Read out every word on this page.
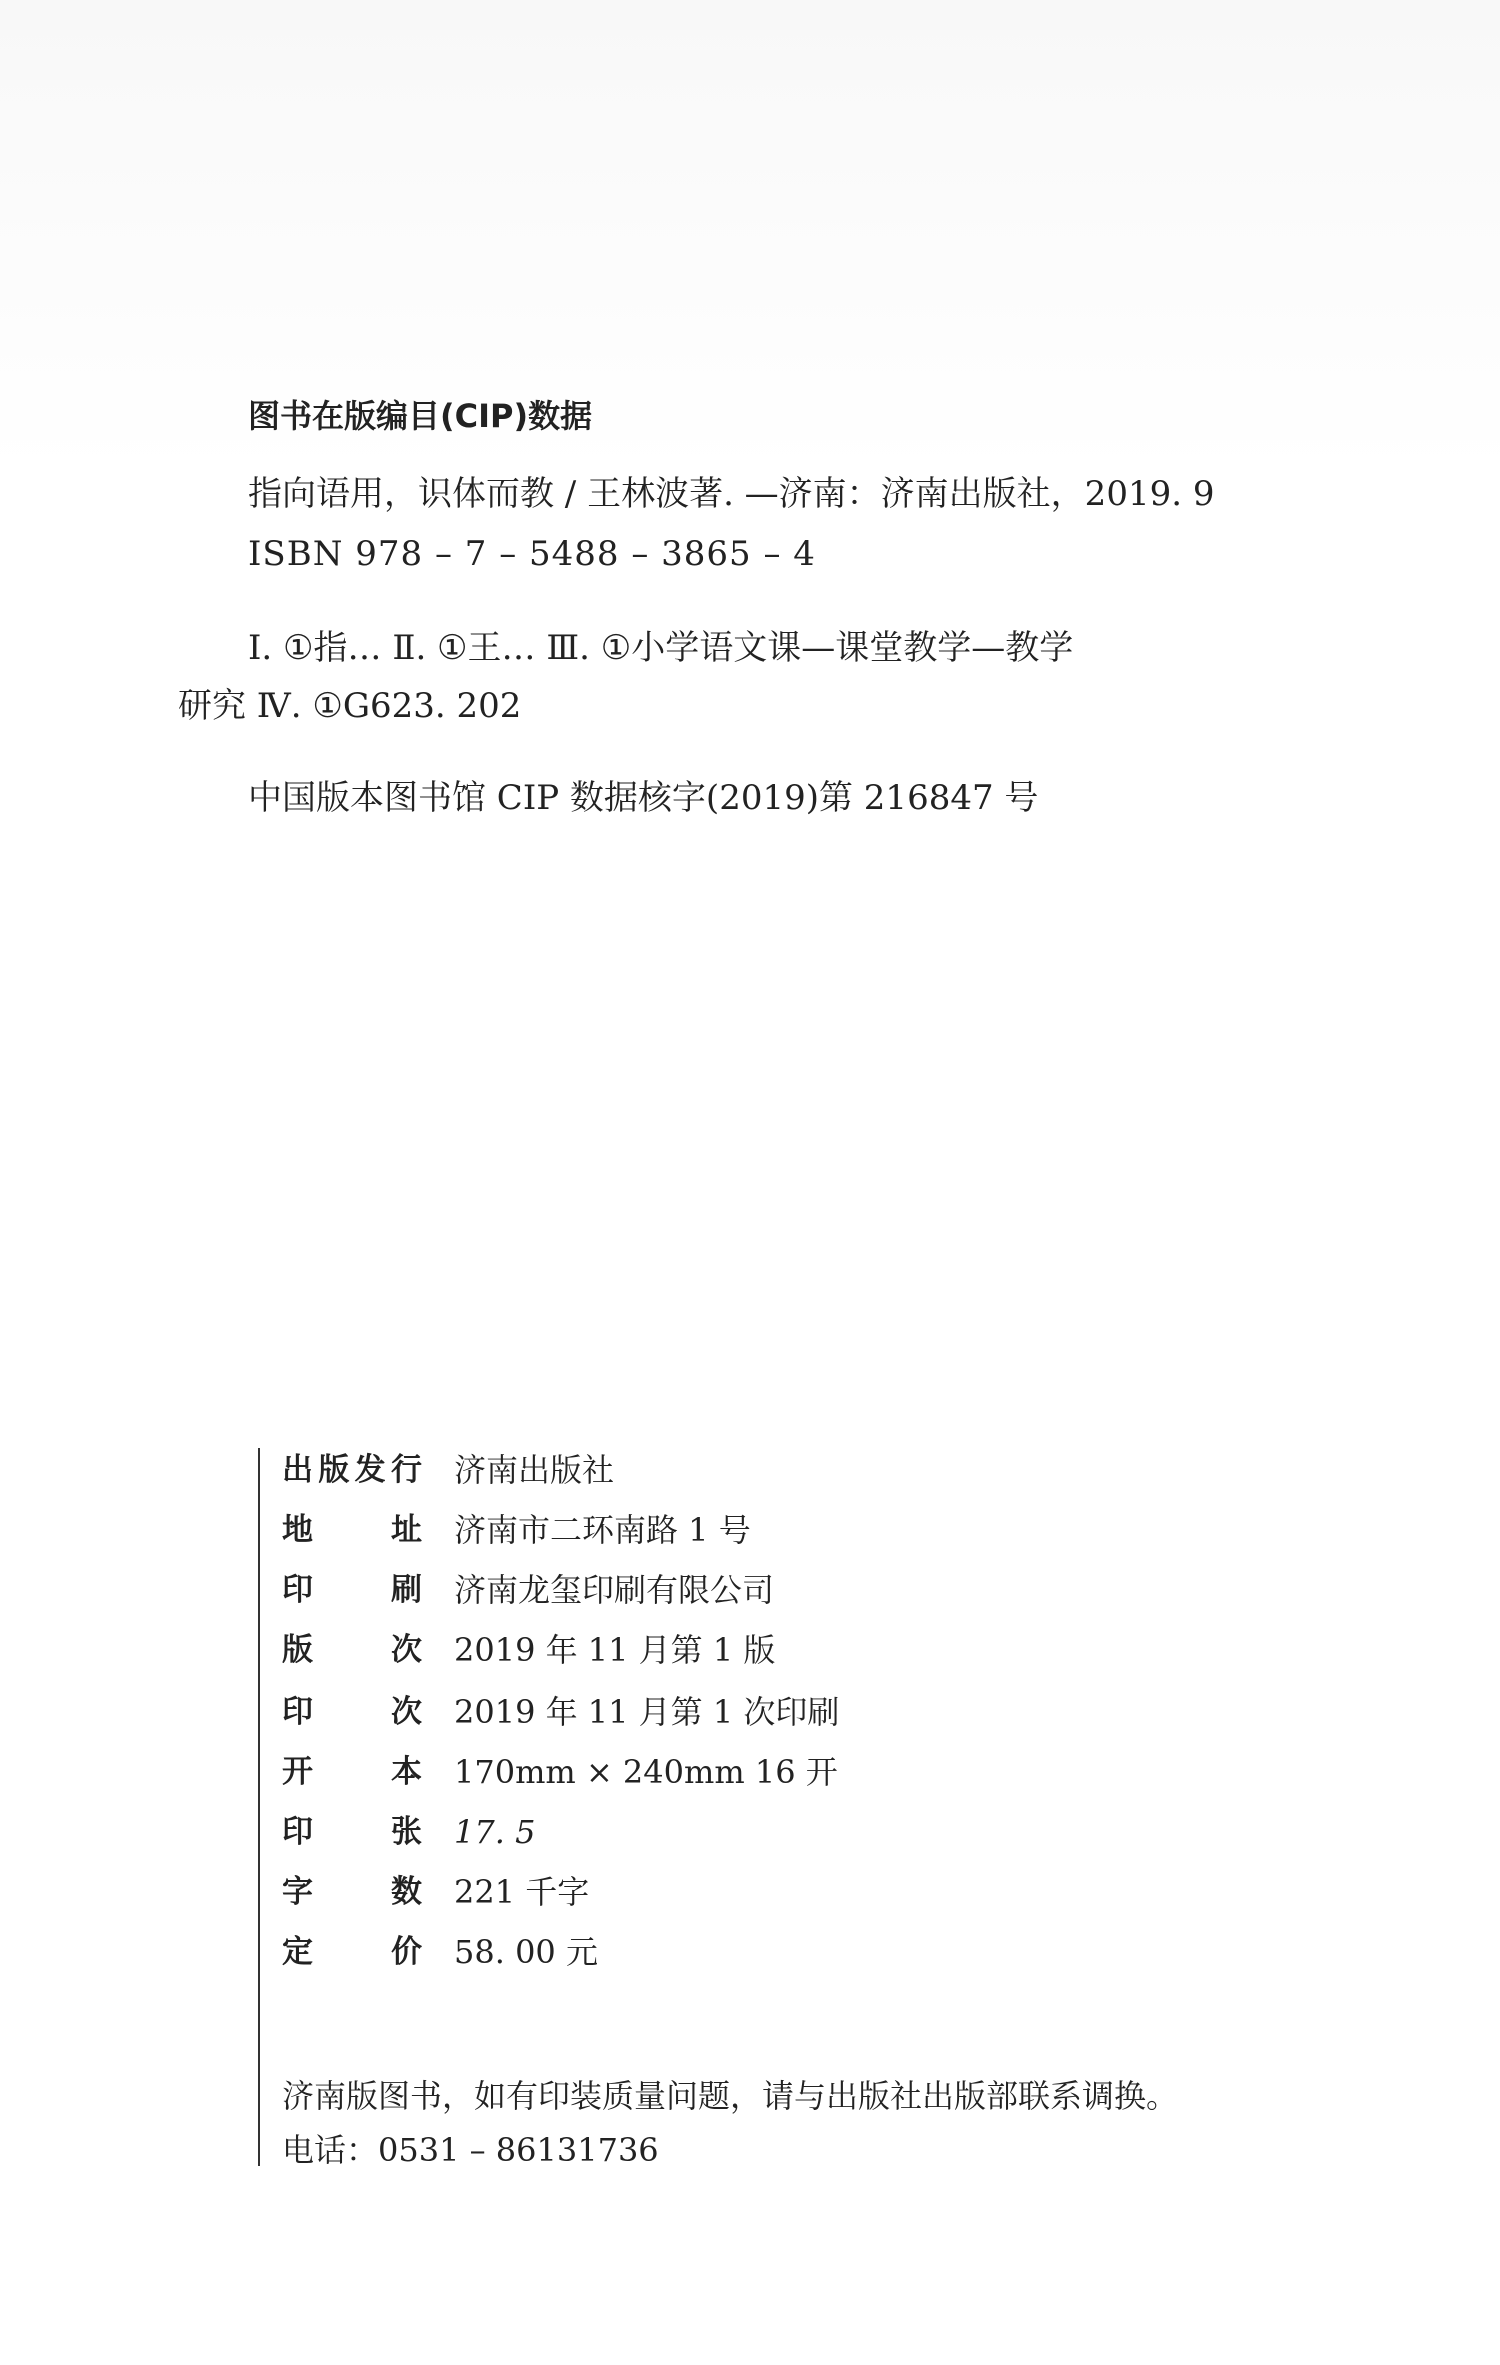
图书在版编目(CIP)数据
指向语用，识体而教 / 王林波著. —济南：济南出版社，2019. 9
ISBN 978 – 7 – 5488 – 3865 – 4
Ⅰ. ①指… Ⅱ. ①王… Ⅲ. ①小学语文课—课堂教学—教学
研究 Ⅳ. ①G623. 202
中国版本图书馆 CIP 数据核字(2019)第 216847 号
出版发行 济南出版社
地址 济南市二环南路 1 号
印刷 济南龙玺印刷有限公司
版次 2019 年 11 月第 1 版
印次 2019 年 11 月第 1 次印刷
开本 170mm × 240mm 16 开
印张 17. 5
字数 221 千字
定价 58. 00 元
济南版图书，如有印装质量问题，请与出版社出版部联系调换。
电话：0531 – 86131736
